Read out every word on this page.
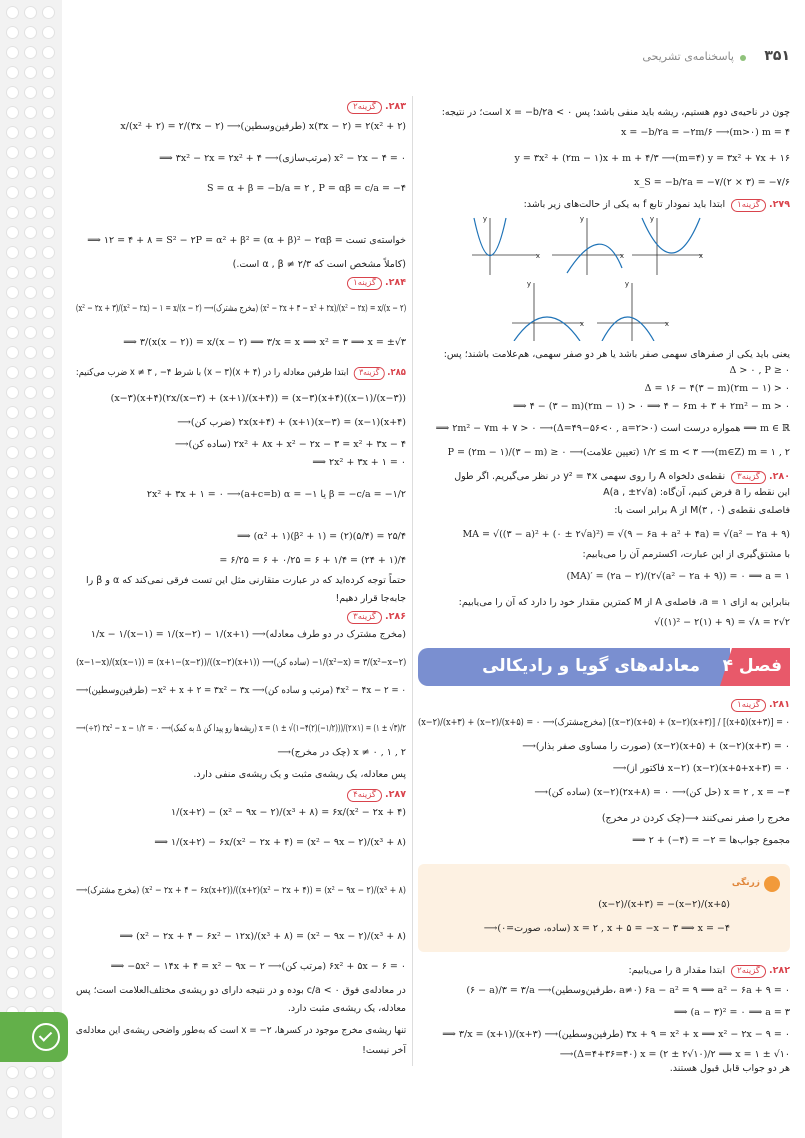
پاسخنامه‌ی تشریحی ۳۵۱
چون در ناحیه‌ی دوم هستیم، ریشه باید منفی باشد؛ پس ۰ > x = −b/۲a است؛ در نتیجه:
x = −b/۲a = −۲m/۶ ⟶(m>۰) m = ۴
y = ۳x² + (۲m − ۱)x + m + ۴/۳ ⟶(m=۴) y = ۳x² + ۷x + ۱۶
x_S = −b/۲a = −۷/(۲ × ۳) = −۷/۶
۲۷۹. گزینه۱ ابتدا باید نمودار تابع f به یکی از حالت‌های زیر باشد:
x
y
x
y
x
y
x
y
x
y
یعنی باید یکی از صفرهای سهمی صفر باشد یا هر دو صفر سهمی، هم‌علامت باشند؛ پس:
Δ > ۰ , P ≥ ۰
Δ = ۱۶ − ۴(۳ − m)(۲m − ۱) > ۰
⟹ ۴ − (۳ − m)(۲m − ۱) > ۰ ⟹ ۴ − ۶m + ۳ + ۲m² − m > ۰
⟹ ۲m² − ۷m + ۷ > ۰ ⟶(Δ=۴۹−۵۶<۰ , a=۲>۰) همواره درست است ⟹ m ∈ ℝ
P = (۲m − ۱)/(۳ − m) ≥ ۰ ⟶(تعیین علامت) ۱/۲ ≤ m < ۳ ⟶(m∈Z) m = ۱ , ۲
۲۸۰. گزینه۳ نقطه‌ی دلخواه A را روی سهمی y² = ۴x در نظر می‌گیریم. اگر طول
این نقطه را a فرض کنیم، آن‌گاه: A(a , ±۲√a)
فاصله‌ی نقطه‌ی M(۳ , ۰) از A برابر است با:
MA = √((۳ − a)² + (۰ ± ۲√a)²) = √(۹ − ۶a + a² + ۴a) = √(a² − ۲a + ۹)
با مشتق‌گیری از این عبارت، اکسترمم آن را می‌یابیم:
(MA)′ = (۲a − ۲)/(۲√(a² − ۲a + ۹)) = ۰ ⟹ a = ۱
بنابراین به ازای a = ۱، فاصله‌ی A از M کمترین مقدار خود را دارد که آن را می‌یابیم:
√((۱)² − ۲(۱) + ۹) = √۸ = ۲√۲
فصل ۴
معادله‌های گویا و رادیکالی
۲۸۱. گزینه۱
(x−۲)/(x+۳) + (x−۲)/(x+۵) = ۰ ⟶(مخرج‌مشترک) [(x−۲)(x+۵) + (x−۲)(x+۳)] / [(x+۵)(x+۳)] = ۰
⟶(صورت را مساوی صفر بذار) (x−۲)(x+۵) + (x−۲)(x+۳) = ۰
⟶(فاکتور از x−۲) (x−۲)(x+۵+x+۳) = ۰
⟶(ساده کن) (x−۲)(۲x+۸) = ۰ ⟶(حل کن) x = ۲ , x = −۴
مخرج را صفر نمی‌کنند ⟶(چک کردن در مخرج)
⟹ ۲ + (−۴) = −۲ = مجموع جواب‌ها
زرنگی
(x−۲)/(x+۳) = −(x−۲)/(x+۵)
⟶(ساده، صورت=۰) x = ۲ , x + ۵ = −x − ۳ ⟹ x = −۴
۲۸۲. گزینه۲ ابتدا مقدار a را می‌یابیم:
(۶ − a)/۳ = ۳/a ⟶(طرفین‌وسطین، a≠۰) ۶a − a² = ۹ ⟹ a² − ۶a + ۹ = ۰
⟹ (a − ۳)² = ۰ ⟹ a = ۳
⟹ ۳/x = (x+۱)/(x+۳) ⟶(طرفین‌وسطین) ۳x + ۹ = x² + x ⟹ x² − ۲x − ۹ = ۰
⟶(Δ=۴+۳۶=۴۰) x = (۲ ± ۲√۱۰)/۲ ⟹ x = ۱ ± √۱۰
هر دو جواب قابل قبول هستند.
۲۸۳. گزینه۲
x/(x² + ۲) = ۲/(۳x − ۲) ⟶(طرفین‌وسطین) x(۳x − ۲) = ۲(x² + ۲)
⟹ ۳x² − ۲x = ۲x² + ۴ ⟶(مرتب‌سازی) x² − ۲x − ۴ = ۰
S = α + β = −b/a = ۲ , P = αβ = c/a = −۴
⟹ ۱۲ = ۴ + ۸ = S² − ۲P = α² + β² = (α + β)² − ۲αβ = خواسته‌ی تست
(کاملاً مشخص است که α , β ≠ ۲/۳ است.)
۲۸۴. گزینه۱
(x² − ۲x + ۳)/(x² − ۲x) − ۱ = x/(x − ۲) ⟶(مخرج مشترک) (x² − ۲x + ۳ − x² + ۲x)/(x² − ۲x) = x/(x − ۲)
⟹ ۳/(x(x − ۲)) = x/(x − ۲) ⟹ ۳/x = x ⟹ x² = ۳ ⟹ x = ±√۳
۲۸۵. گزینه۳ ابتدا طرفین معادله را در (x + ۴)(x − ۳) با شرط x ≠ ۳ , −۴ ضرب می‌کنیم:
(x−۳)(x+۴)(۲x/(x−۳) + (x+۱)/(x+۴)) = (x−۳)(x+۴)((x−۱)/(x−۳))
⟶(ضرب کن) ۲x(x+۴) + (x+۱)(x−۳) = (x−۱)(x+۴)
⟶(ساده کن) ۲x² + ۸x + x² − ۲x − ۳ = x² + ۳x − ۴
⟹ ۲x² + ۳x + ۱ = ۰
۲x² + ۳x + ۱ = ۰ ⟶(a+c=b) α = −۱ یا β = −c/a = −۱/۲
⟹ (α² + ۱)(β² + ۱) = (۲)(۵/۴) = ۲۵/۴
= ۶/۲۵ = ۶ + ۰/۲۵ = ۶ + ۱/۴ = (۲۴ + ۱)/۴
حتماً توجه کرده‌اید که در عبارت متقارنی مثل این تست فرقی نمی‌کند که α و β را
جابه‌جا قرار دهیم!
۲۸۶. گزینه۳
۱/x − ۱/(x−۱) = ۱/(x−۲) − ۱/(x+۱) ⟶(مخرج مشترک در دو طرف معادله)
(x−۱−x)/(x(x−۱)) = (x+۱−(x−۲))/((x−۲)(x+۱)) ⟶(ساده کن) −۱/(x²−x) = ۳/(x²−x−۲)
⟶(طرفین‌وسطین) −x² + x + ۲ = ۳x² − ۳x ⟶(مرتب و ساده کن) ۴x² − ۴x − ۲ = ۰
⟶(÷۲) ۲x² − x − ۱/۲ = ۰ ⟶(به کمک Δ ریشه‌ها رو پیدا کن) x = (۱ ± √(۱−۴(۲)(−۱/۲)))/(۲×۱) = (۱ ± √۳)/۲
⟶(چک در مخرج) x ≠ ۰ , ۱ , ۲
پس معادله، یک ریشه‌ی مثبت و یک ریشه‌ی منفی دارد.
۲۸۷. گزینه۴
۱/(x+۲) − (x² − ۹x − ۲)/(x³ + ۸) = ۶x/(x² − ۲x + ۴)
⟹ ۱/(x+۲) − ۶x/(x² − ۲x + ۴) = (x² − ۹x − ۲)/(x³ + ۸)
⟶(مخرج مشترک) (x² − ۲x + ۴ − ۶x(x+۲))/((x+۲)(x² − ۲x + ۴)) = (x² − ۹x − ۲)/(x³ + ۸)
⟹ (x² − ۲x + ۴ − ۶x² − ۱۲x)/(x³ + ۸) = (x² − ۹x − ۲)/(x³ + ۸)
⟹ −۵x² − ۱۴x + ۴ = x² − ۹x − ۲ ⟶(مرتب کن) ۶x² + ۵x − ۶ = ۰
در معادله‌ی فوق ۰ > c/a بوده و در نتیجه دارای دو ریشه‌ی مختلف‌العلامت است؛ پس
معادله، یک ریشه‌ی مثبت دارد.
تنها ریشه‌ی مخرج موجود در کسرها، x = −۲ است که به‌طور واضحی ریشه‌ی این معادله‌ی
آخر نیست!
